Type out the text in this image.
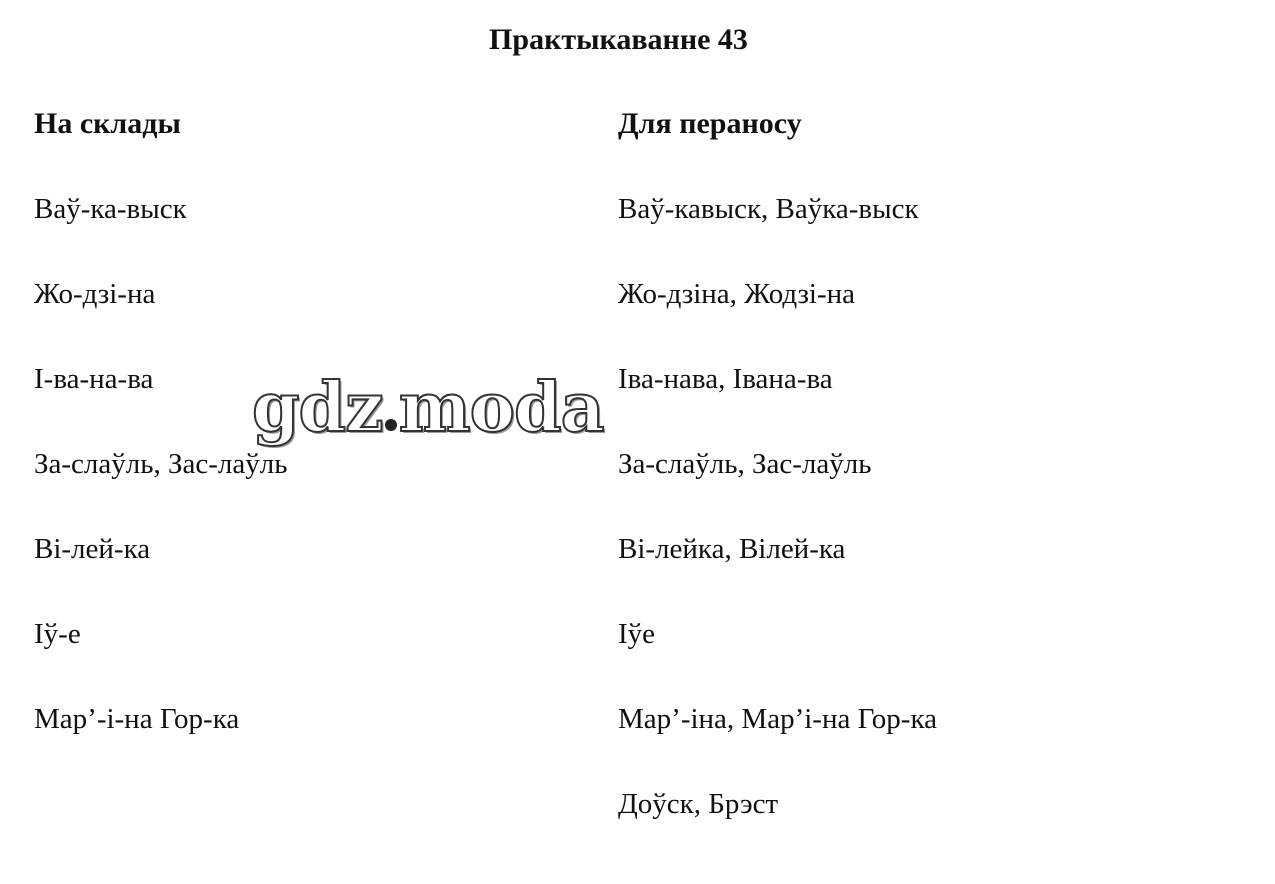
Практыкаванне 43
На склады
Ваў-ка-выск
Жо-дзі-на
І-ва-на-ва
За-слаўль, Зас-лаўль
Ві-лей-ка
Іў-е
Мар’-і-на Гор-ка
Для пераносу
Ваў-кавыск, Ваўка-выск
Жо-дзіна, Жодзі-на
Іва-нава, Івана-ва
За-слаўль, Зас-лаўль
Ві-лейка, Вілей-ка
Іўе
Мар’-іна, Мар’і-на Гор-ка
Доўск, Брэст
gdz moda
